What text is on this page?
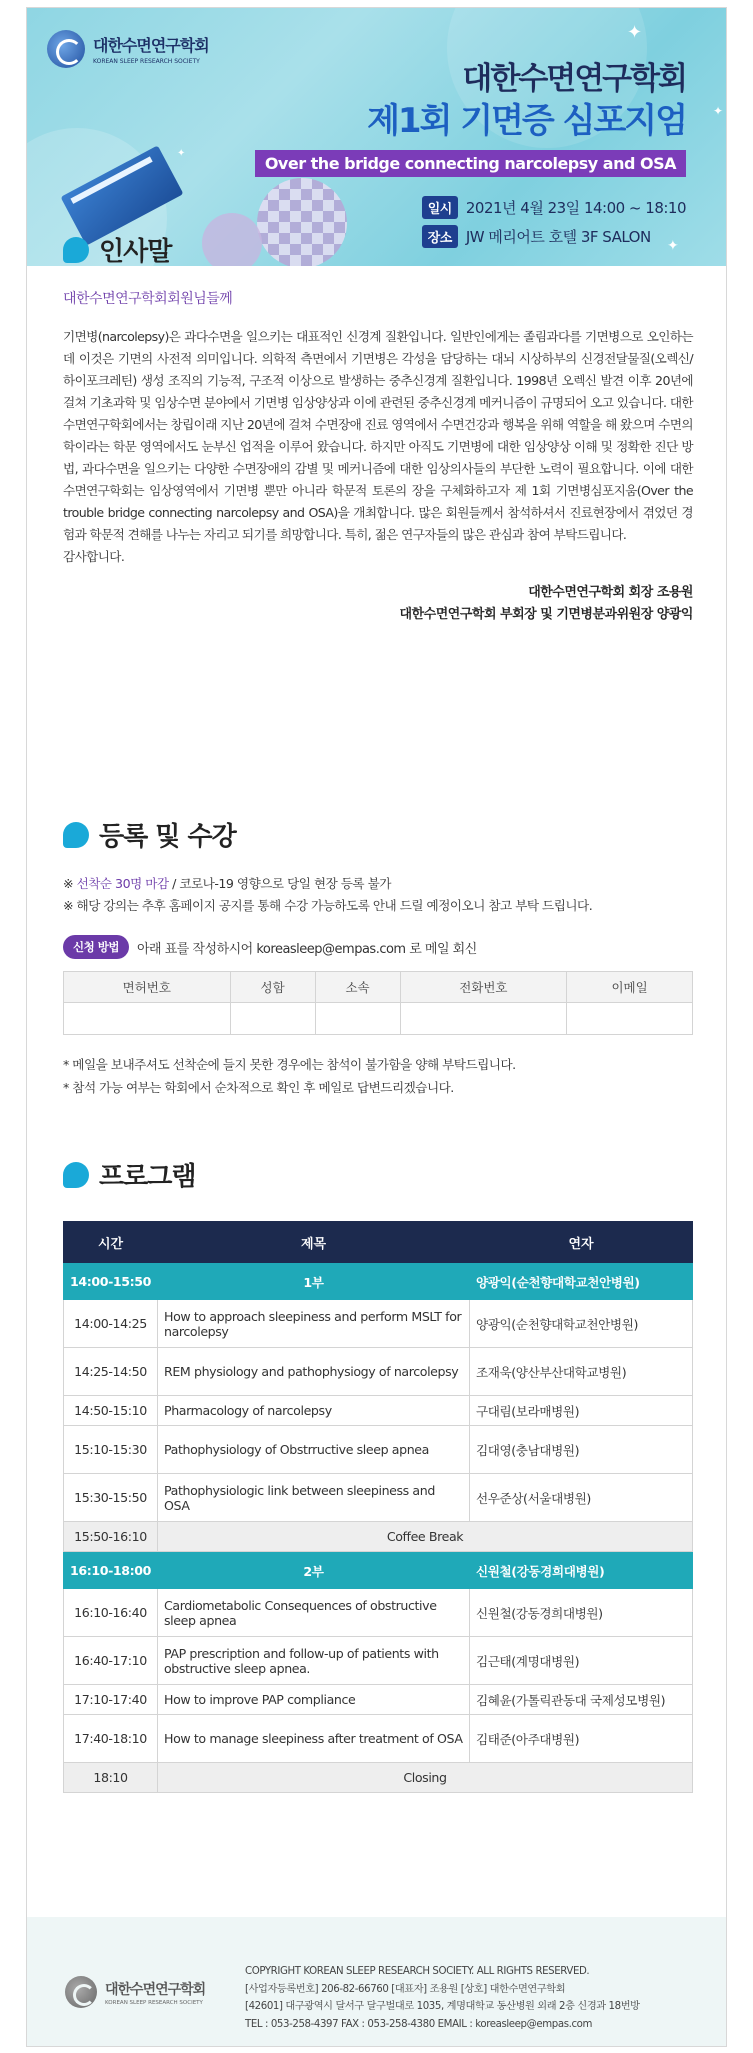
✦
✦
✦
✦
대한수면연구학회
KOREAN SLEEP RESEARCH SOCIETY	대한수면연구학회
제1회 기면증 심포지엄
Over the bridge connecting narcolepsy and OSA
일시 2021년 4월 23일 14:00 ~ 18:10
장소 JW 메리어트 호텔 3F SALON
인사말
대한수면연구학회회원님들께
기면병(narcolepsy)은 과다수면을 일으키는 대표적인 신경계 질환입니다. 일반인에게는 졸림과다를 기면병으로 오인하는데 이것은 기면의 사전적 의미입니다. 의학적 측면에서 기면병은 각성을 담당하는 대뇌 시상하부의 신경전달물질(오렉신/하이포크레틴) 생성 조직의 기능적, 구조적 이상으로 발생하는 중추신경계 질환입니다. 1998년 오렉신 발견 이후 20년에 걸쳐 기초과학 및 임상수면 분야에서 기면병 임상양상과 이에 관련된 중추신경계 메커니즘이 규명되어 오고 있습니다. 대한수면연구학회에서는 창립이래 지난 20년에 걸쳐 수면장애 진료 영역에서 수면건강과 행복을 위해 역할을 해 왔으며 수면의학이라는 학문 영역에서도 눈부신 업적을 이루어 왔습니다. 하지만 아직도 기면병에 대한 임상양상 이해 및 정확한 진단 방법, 과다수면을 일으키는 다양한 수면장애의 감별 및 메커니즘에 대한 임상의사들의 부단한 노력이 필요합니다. 이에 대한수면연구학회는 임상영역에서 기면병 뿐만 아니라 학문적 토론의 장을 구체화하고자 제 1회 기면병심포지움(Over the trouble bridge connecting narcolepsy and OSA)을 개최합니다. 많은 회원들께서 참석하셔서 진료현장에서 겪었던 경험과 학문적 견해를 나누는 자리고 되기를 희망합니다. 특히, 젊은 연구자들의 많은 관심과 참여 부탁드립니다.
감사합니다.
대한수면연구학회 회장 조용원
대한수면연구학회 부회장 및 기면병분과위원장 양광익
등록 및 수강
※ 선착순 30명 마감 / 코로나-19 영향으로 당일 현장 등록 불가
※ 해당 강의는 추후 홈페이지 공지를 통해 수강 가능하도록 안내 드릴 예정이오니 참고 부탁 드립니다.
신청 방법	아래 표를 작성하시어 koreasleep@empas.com 로 메일 회신
면허번호	성함	소속	전화번호	이메일

* 메일을 보내주셔도 선착순에 들지 못한 경우에는 참석이 불가함을 양해 부탁드립니다.
* 참석 가능 여부는 학회에서 순차적으로 확인 후 메일로 답변드리겠습니다.
프로그램
시간	제목	연자
14:00-15:50	1부	양광익(순천향대학교천안병원)
14:00-14:25	How to approach sleepiness and perform MSLT for narcolepsy	양광익(순천향대학교천안병원)
14:25-14:50	REM physiology and pathophysiogy of narcolepsy	조재욱(양산부산대학교병원)
14:50-15:10	Pharmacology of narcolepsy	구대림(보라매병원)
15:10-15:30	Pathophysiology of Obstrructive sleep apnea	김대영(충남대병원)
15:30-15:50	Pathophysiologic link between sleepiness and OSA	선우준상(서울대병원)
15:50-16:10	Coffee Break	
16:10-18:00	2부	신원철(강동경희대병원)
16:10-16:40	Cardiometabolic Consequences of obstructive sleep apnea	신원철(강동경희대병원)
16:40-17:10	PAP prescription and follow-up of patients with obstructive sleep apnea.	김근태(계명대병원)
17:10-17:40	How to improve PAP compliance	김혜윤(가톨릭관동대 국제성모병원)
17:40-18:10	How to manage sleepiness after treatment of OSA	김태준(아주대병원)
18:10	Closing	
대한수면연구학회
KOREAN SLEEP RESEARCH SOCIETY
COPYRIGHT KOREAN SLEEP RESEARCH SOCIETY. ALL RIGHTS RESERVED.
[사업자등록번호] 206-82-66760 [대표자] 조용원 [상호] 대한수면연구학회
[42601] 대구광역시 달서구 달구벌대로 1035, 계명대학교 동산병원 외래 2층 신경과 18번방
TEL : 053-258-4397 FAX : 053-258-4380 EMAIL : koreasleep@empas.com
